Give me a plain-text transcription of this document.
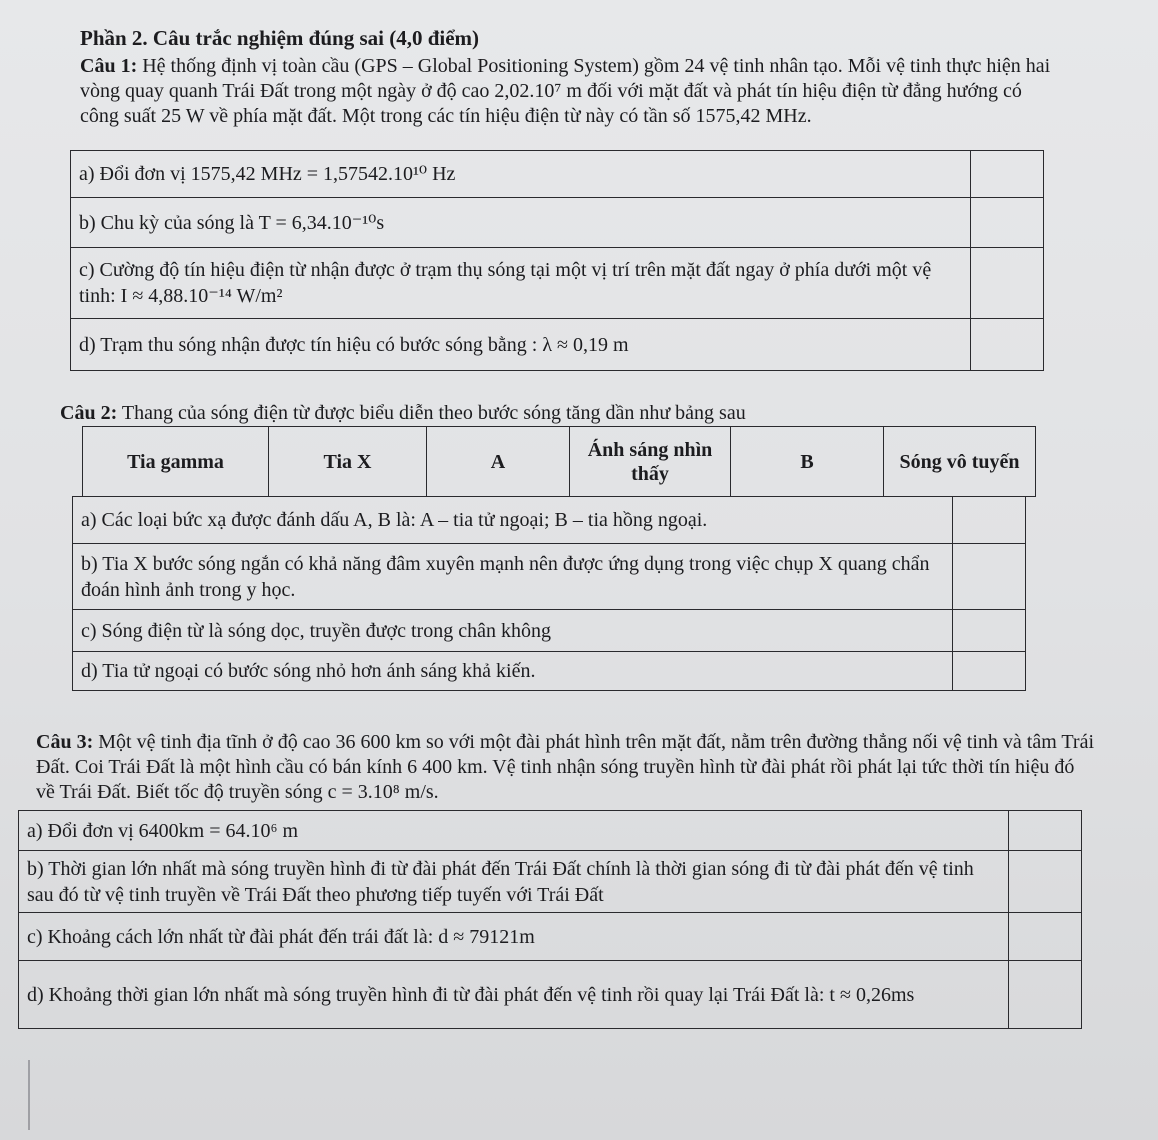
Phần 2. Câu trắc nghiệm đúng sai (4,0 điểm)
Câu 1: Hệ thống định vị toàn cầu (GPS – Global Positioning System) gồm 24 vệ tinh nhân tạo. Mỗi vệ tinh thực hiện hai vòng quay quanh Trái Đất trong một ngày ở độ cao 2,02.10⁷ m đối với mặt đất và phát tín hiệu điện từ đẳng hướng có công suất 25 W về phía mặt đất. Một trong các tín hiệu điện từ này có tần số 1575,42 MHz.
a) Đổi đơn vị 1575,42 MHz = 1,57542.10¹⁰ Hz	
b) Chu kỳ của sóng là T = 6,34.10⁻¹⁰s	
c) Cường độ tín hiệu điện từ nhận được ở trạm thụ sóng tại một vị trí trên mặt đất ngay ở phía dưới một vệ tinh: I ≈ 4,88.10⁻¹⁴ W/m²	
d) Trạm thu sóng nhận được tín hiệu có bước sóng bằng : λ ≈ 0,19 m	
Câu 2: Thang của sóng điện từ được biểu diễn theo bước sóng tăng dần như bảng sau
Tia gamma	Tia X	A	Ánh sáng nhìn thấy	B	Sóng vô tuyến
a) Các loại bức xạ được đánh dấu A, B là: A – tia tử ngoại; B – tia hồng ngoại.	
b) Tia X bước sóng ngắn có khả năng đâm xuyên mạnh nên được ứng dụng trong việc chụp X quang chẩn đoán hình ảnh trong y học.	
c) Sóng điện từ là sóng dọc, truyền được trong chân không	
d) Tia tử ngoại có bước sóng nhỏ hơn ánh sáng khả kiến.	
Câu 3: Một vệ tinh địa tĩnh ở độ cao 36 600 km so với một đài phát hình trên mặt đất, nằm trên đường thẳng nối vệ tinh và tâm Trái Đất. Coi Trái Đất là một hình cầu có bán kính 6 400 km. Vệ tinh nhận sóng truyền hình từ đài phát rồi phát lại tức thời tín hiệu đó về Trái Đất. Biết tốc độ truyền sóng c = 3.10⁸ m/s.
a) Đổi đơn vị 6400km = 64.10⁶ m	
b) Thời gian lớn nhất mà sóng truyền hình đi từ đài phát đến Trái Đất chính là thời gian sóng đi từ đài phát đến vệ tinh sau đó từ vệ tinh truyền về Trái Đất theo phương tiếp tuyến với Trái Đất	
c) Khoảng cách lớn nhất từ đài phát đến trái đất là: d ≈ 79121m	
d) Khoảng thời gian lớn nhất mà sóng truyền hình đi từ đài phát đến vệ tinh rồi quay lại Trái Đất là: t ≈ 0,26ms	
